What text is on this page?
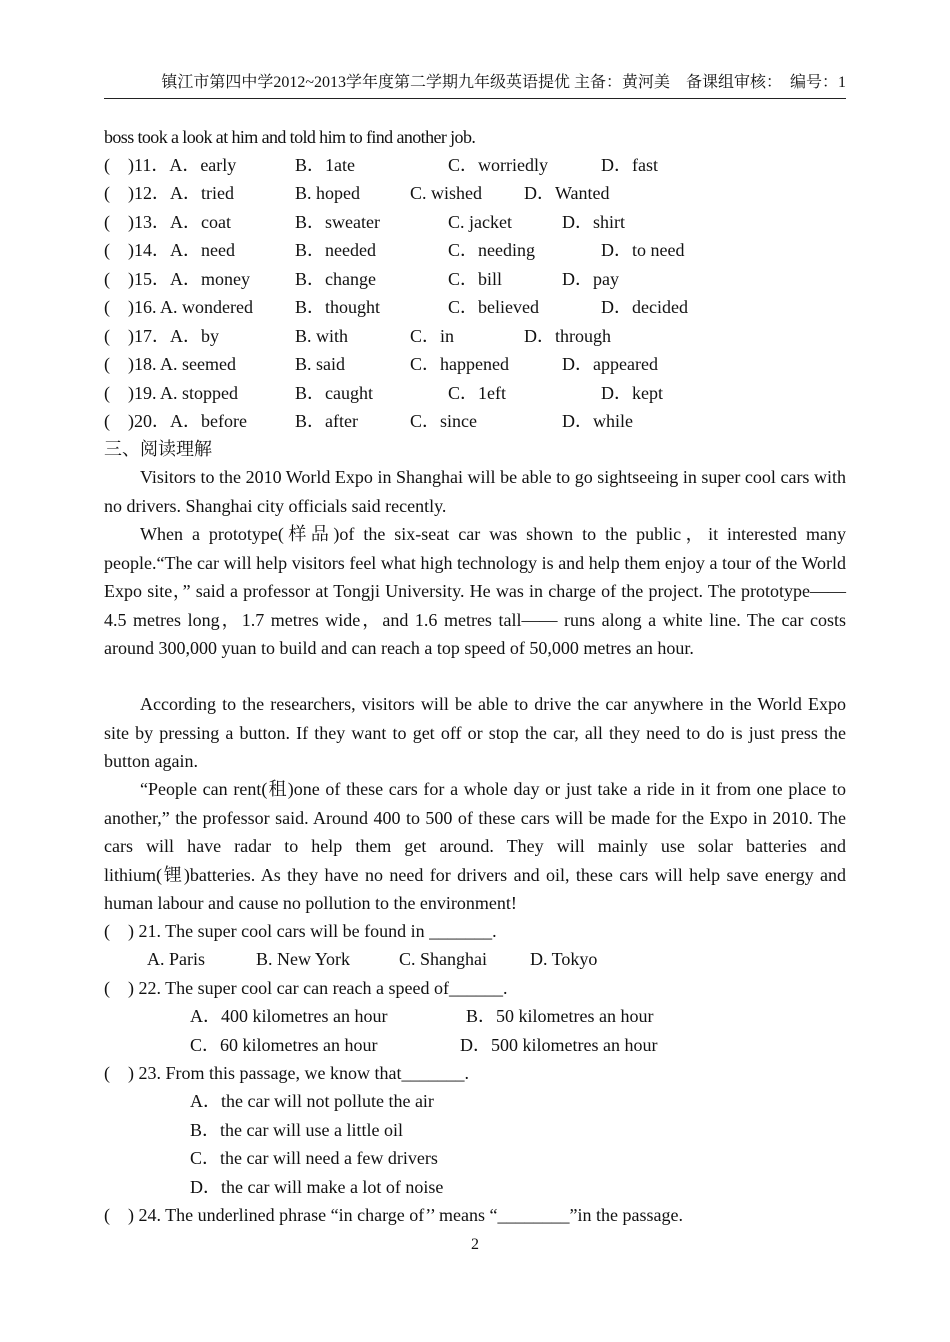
镇江市第四中学2012~2013学年度第二学期九年级英语提优 主备：黄河美　备课组审核：　编号：1
boss took a look at him and told him to find another job.
(　)11．A．early	B．1ate	C．worriedly	D．fast
(　)12．A．tried	B. hoped	C. wished D．Wanted
(　)13．A．coat	B．sweater	C. jacket	D．shirt
(　)14．A．need	B．needed	C．needing	D．to need
(　)15．A．money	B．change	C．bill	D．pay
(　)16. A. wondered B．thought	C．believed	D．decided
(　)17．A．by	B. with	C．in	D．through
(　)18. A. seemed	B. said	C．happened	D．appeared
(　)19. A. stopped	B．caught	C．1eft	D．kept
(　)20．A．before	B．after	C．since	D．while
三、阅读理解

Visitors to the 2010 World Expo in Shanghai will be able to go sightseeing in super cool cars with no drivers. Shanghai city officials said recently.

When a prototype(样品)of the six-seat car was shown to the public，it interested many people.“The car will help visitors feel what high technology is and help them enjoy a tour of the World Expo site，” said a professor at Tongji University. He was in charge of the project. The prototype—— 4.5 metres long，1.7 metres wide，and 1.6 metres tall—— runs along a white line. The car costs around 300,000 yuan to build and can reach a top speed of 50,000 metres an hour.

According to the researchers, visitors will be able to drive the car anywhere in the World Expo site by pressing a button. If they want to get off or stop the car, all they need to do is just press the button again.

“People can rent(租)one of these cars for a whole day or just take a ride in it from one place to another,” the professor said. Around 400 to 500 of these cars will be made for the Expo in 2010. The cars will have radar to help them get around. They will mainly use solar batteries and lithium(锂)batteries. As they have no need for drivers and oil, these cars will help save energy and human labour and cause no pollution to the environment!

(　) 21. The super cool cars will be found in _______.
A. Paris	B. New York	C. Shanghai D. Tokyo
(　) 22. The super cool car can reach a speed of______.
A．400 kilometres an hour	B．50 kilometres an hour
C．60 kilometres an hour	D．500 kilometres an hour
(　) 23. From this passage, we know that_______.
A．the car will not pollute the air
B．the car will use a little oil
C．the car will need a few drivers
D．the car will make a lot of noise
(　) 24. The underlined phrase “in charge of’’ means “________”in the passage.
2
